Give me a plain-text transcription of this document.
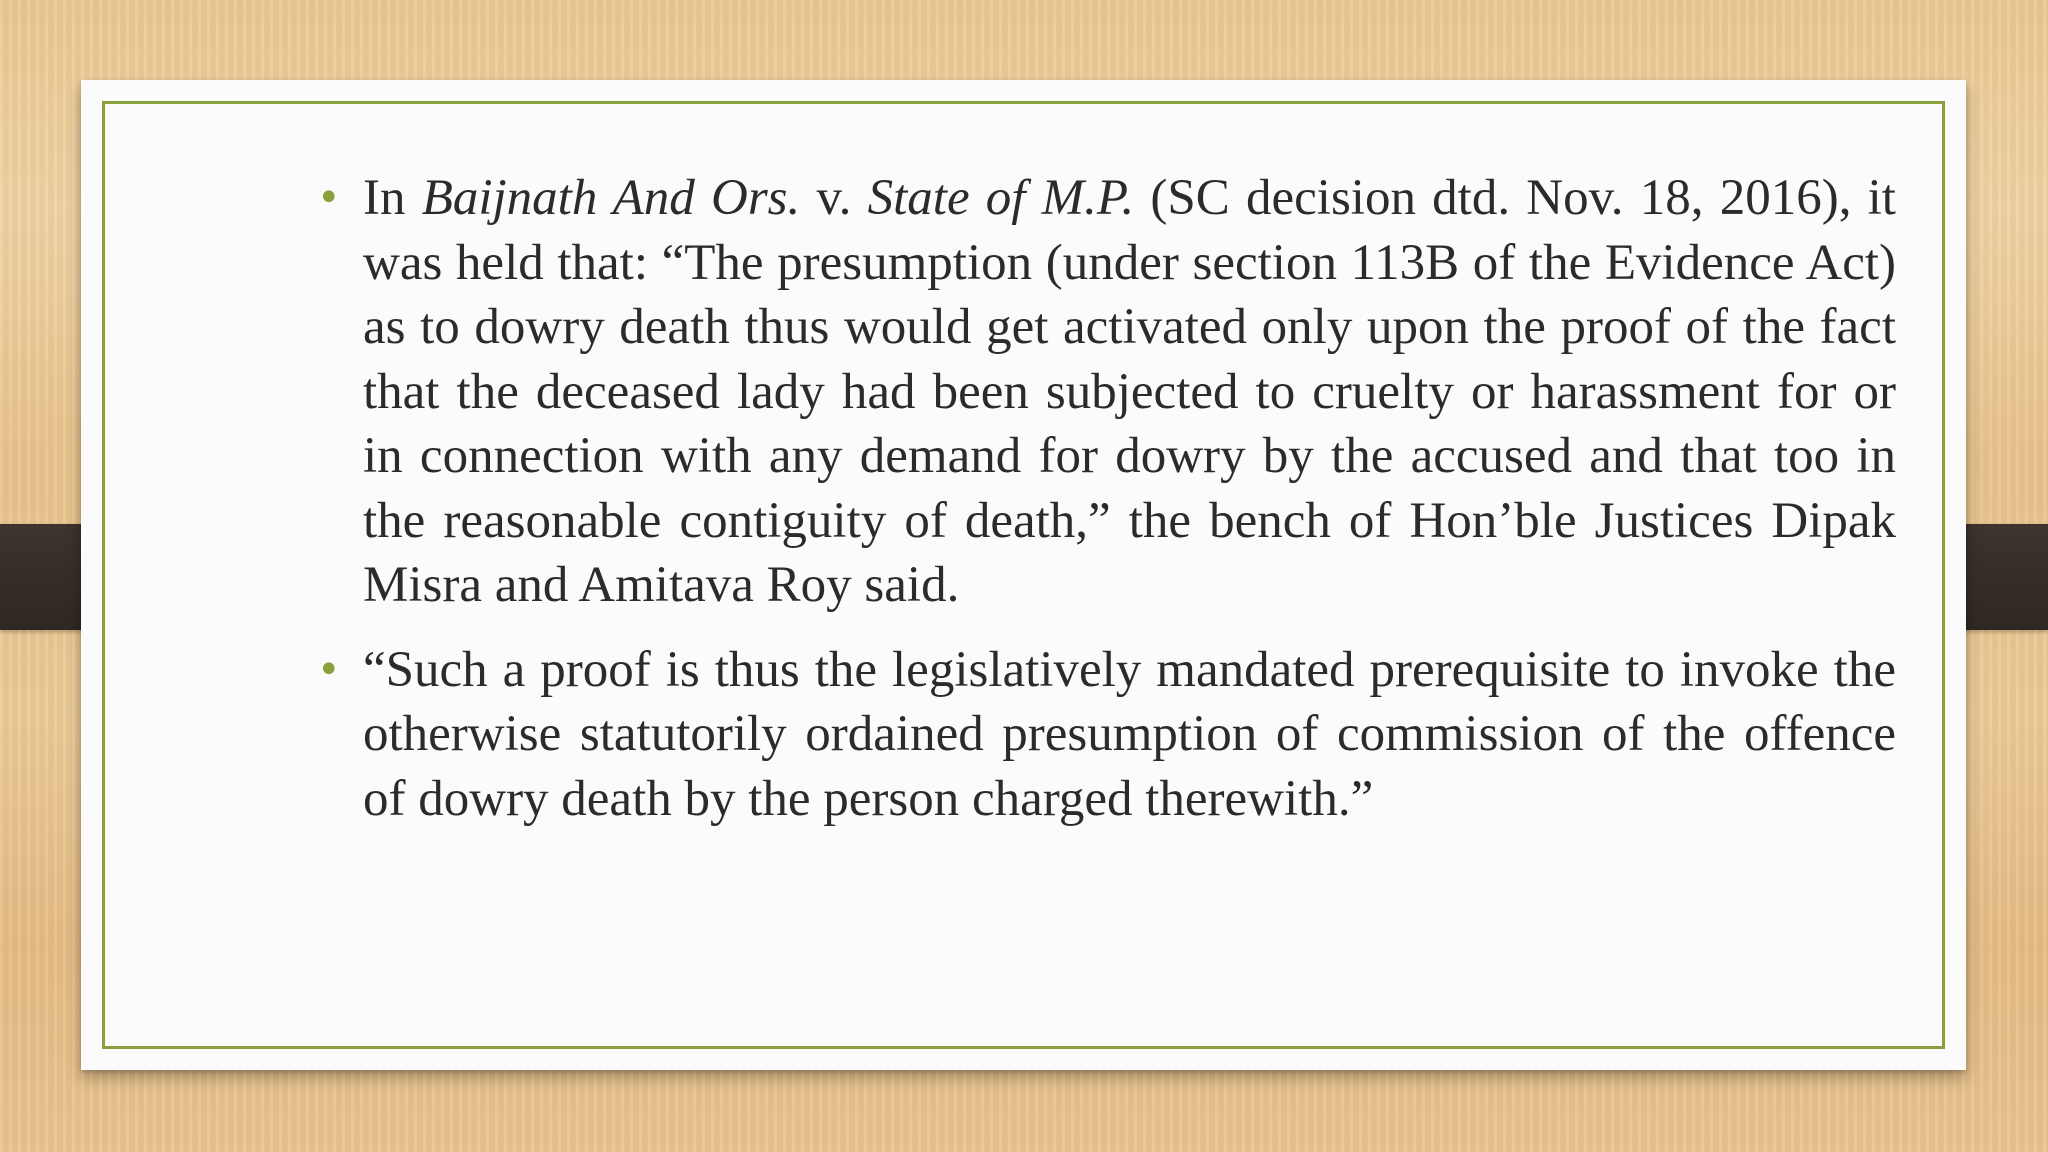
• In Baijnath And Ors. v. State of M.P. (SC decision dtd. Nov. 18, 2016), it was held that: “The presumption (under section 113B of the Evidence Act) as to dowry death thus would get activated only upon the proof of the fact that the deceased lady had been subjected to cruelty or harassment for or in connection with any demand for dowry by the accused and that too in the reasonable contiguity of death,” the bench of Hon’ble Justices Dipak Misra and Amitava Roy said.

• “Such a proof is thus the legislatively mandated prerequisite to invoke the otherwise statutorily ordained presumption of commission of the offence of dowry death by the person charged therewith.”
